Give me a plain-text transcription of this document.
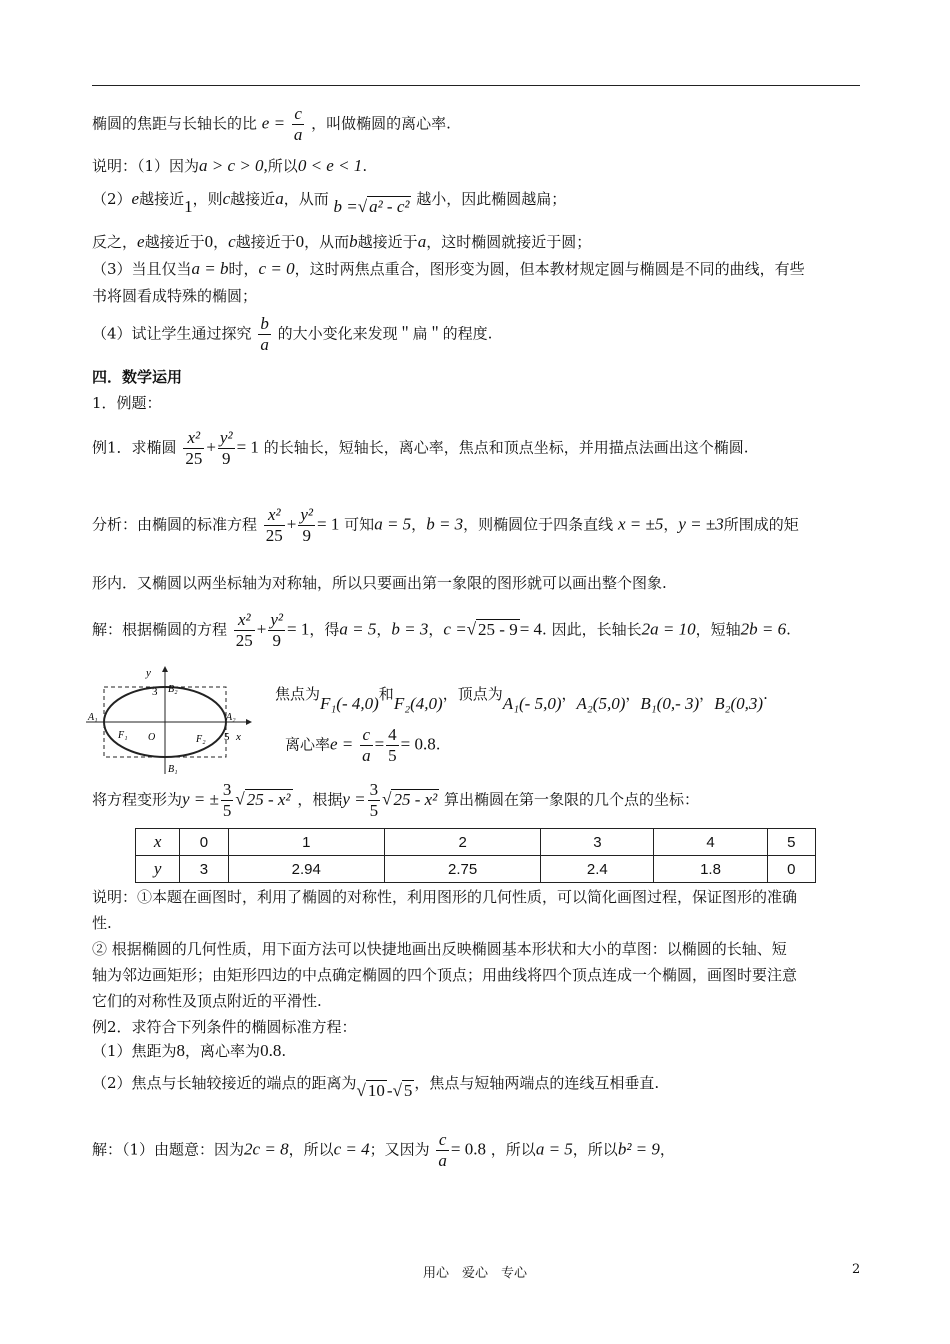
椭圆的焦距与长轴长的比 $e = \frac{c}{a}$ ，叫做椭圆的离心率.
说明：（1）因为a > c > 0,所以0 < e < 1.
（2）e越接近1，则c越接近a，从而 b =√ a² - c² 越小，因此椭圆越扁；
反之，e越接近于0，c越接近于0，从而b越接近于a，这时椭圆就接近于圆；
（3）当且仅当a = b时，c = 0，这时两焦点重合，图形变为圆，但本教材规定圆与椭圆是不同的曲线，有些
书将圆看成特殊的椭圆；
（4）试让学生通过探究 $\frac{b}{a}$ 的大小变化来发现＂扁＂的程度.
四．数学运用
1．例题：
例1．求椭圆 $\frac{\text{x²}}{25} + \frac{\text{y²}}{9} = 1$ 的长轴长，短轴长，离心率，焦点和顶点坐标，并用描点法画出这个椭圆.
分析：由椭圆的标准方程 $\frac{\text{x²}}{25} + \frac{\text{y²}}{9} = 1$ 可知a = 5，b = 3，则椭圆位于四条直线 x = ±5，y = ±3所围成的矩
形内．又椭圆以两坐标轴为对称轴，所以只要画出第一象限的图形就可以画出整个图象.
解：根据椭圆的方程 $\frac{\text{x²}}{25} + \frac{\text{y²}}{9} = 1$，得a = 5，b = 3，c =√ 25 - 9 = 4. 因此，长轴长2a = 10，短轴2b = 6.
y
x
3
5
O
A₁	A₂
B₂
B₁
F₁	F₂
焦点为F₁(- 4,0)和F₂(4,0)，顶点为A₁(- 5,0)，A₂(5,0)，B₁(0,- 3)，B₂(0,3).
离心率$e = \frac{c}{a} = \frac{4}{5} = 0.8$.
将方程变形为y = ± $\frac{3}{5}$ √ 25 - x² ，根据$y = \frac{3}{5}$ √ 25 - x² 算出椭圆在第一象限的几个点的坐标：
x	0	1	2	3	4	5
y	3	2.94	2.75	2.4	1.8	0
说明：①本题在画图时，利用了椭圆的对称性，利用图形的几何性质，可以简化画图过程，保证图形的准确
性.
② 根据椭圆的几何性质，用下面方法可以快捷地画出反映椭圆基本形状和大小的草图：以椭圆的长轴、短
轴为邻边画矩形；由矩形四边的中点确定椭圆的四个顶点；用曲线将四个顶点连成一个椭圆，画图时要注意
它们的对称性及顶点附近的平滑性.
例2．求符合下列条件的椭圆标准方程：
（1）焦距为8，离心率为0.8.
（2）焦点与长轴较接近的端点的距离为√ 10 -√ 5 ，焦点与短轴两端点的连线互相垂直.
解：（1）由题意：因为2c = 8，所以c = 4；又因为 $\frac{c}{a} = 0.8$ ，所以a = 5，所以b² = 9，
用心　爱心　专心	2
